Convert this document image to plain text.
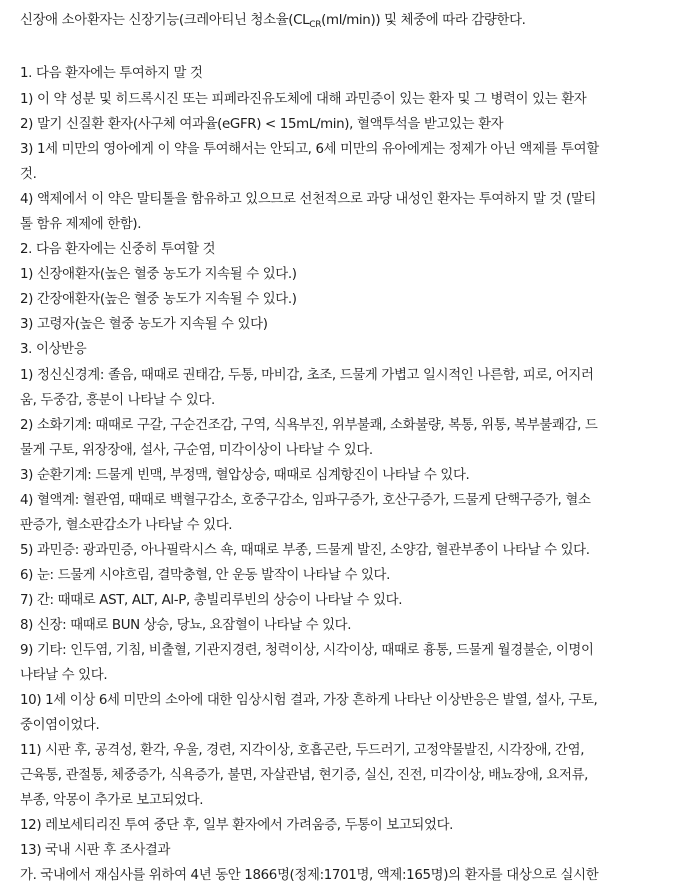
신장애 소아환자는 신장기능(크레아티닌 청소율$(CL_{CR}(ml/\min))$ 및 체중에 따라 감량한다.
1. 다음 환자에는 투여하지 말 것
1) 이 약 성분 및 히드록시진 또는 피페라진유도체에 대해 과민증이 있는 환자 및 그 병력이 있는 환자
2) 말기 신질환 환자(사구체 여과율(eGFR) < 15mL/min), 혈액투석을 받고있는 환자
3) 1세 미만의 영아에게 이 약을 투여해서는 안되고, 6세 미만의 유아에게는 정제가 아닌 액제를 투여할
것.
4) 액제에서 이 약은 말티톨을 함유하고 있으므로 선천적으로 과당 내성인 환자는 투여하지 말 것 (말티
톨 함유 제제에 한함).
2. 다음 환자에는 신중히 투여할 것
1) 신장애환자(높은 혈중 농도가 지속될 수 있다.)
2) 간장애환자(높은 혈중 농도가 지속될 수 있다.)
3) 고령자(높은 혈중 농도가 지속될 수 있다)
3. 이상반응
1) 정신신경계: 졸음, 때때로 권태감, 두통, 마비감, 초조, 드물게 가볍고 일시적인 나른함, 피로, 어지러
움, 두중감, 흥분이 나타날 수 있다.
2) 소화기계: 때때로 구갈, 구순건조감, 구역, 식욕부진, 위부불쾌, 소화불량, 복통, 위통, 복부불쾌감, 드
물게 구토, 위장장애, 설사, 구순염, 미각이상이 나타날 수 있다.
3) 순환기계: 드물게 빈맥, 부정맥, 혈압상승, 때때로 심계항진이 나타날 수 있다.
4) 혈액계: 혈관염, 때때로 백혈구감소, 호중구감소, 임파구증가, 호산구증가, 드물게 단핵구증가, 혈소
판증가, 혈소판감소가 나타날 수 있다.
5) 과민증: 광과민증, 아나필락시스 쇽, 때때로 부종, 드물게 발진, 소양감, 혈관부종이 나타날 수 있다.
6) 눈: 드물게 시야흐림, 결막충혈, 안 운동 발작이 나타날 수 있다.
7) 간: 때때로 AST, ALT, Al-P, 총빌리루빈의 상승이 나타날 수 있다.
8) 신장: 때때로 BUN 상승, 당뇨, 요잠혈이 나타날 수 있다.
9) 기타: 인두염, 기침, 비출혈, 기관지경련, 청력이상, 시각이상, 때때로 흉통, 드물게 월경불순, 이명이
나타날 수 있다.
10) 1세 이상 6세 미만의 소아에 대한 임상시험 결과, 가장 흔하게 나타난 이상반응은 발열, 설사, 구토,
중이염이었다.
11) 시판 후, 공격성, 환각, 우울, 경련, 지각이상, 호흡곤란, 두드러기, 고정약물발진, 시각장애, 간염,
근육통, 관절통, 체중증가, 식욕증가, 불면, 자살관념, 현기증, 실신, 진전, 미각이상, 배뇨장애, 요저류,
부종, 악몽이 추가로 보고되었다.
12) 레보세티리진 투여 중단 후, 일부 환자에서 가려움증, 두통이 보고되었다.
13) 국내 시판 후 조사결과
가. 국내에서 재심사를 위하여 4년 동안 1866명(정제:1701명, 액제:165명)의 환자를 대상으로 실시한
